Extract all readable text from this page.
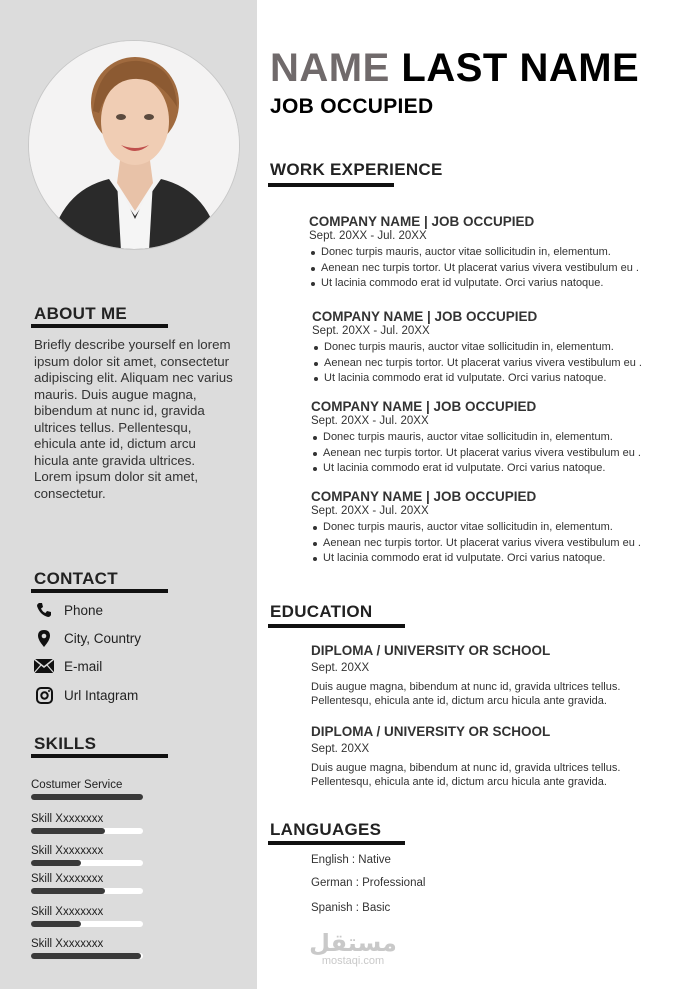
ABOUT ME
Briefly describe yourself en lorem ipsum dolor sit amet, consectetur adipiscing elit. Aliquam nec varius mauris. Duis augue magna, bibendum at nunc id, gravida ultrices tellus. Pellentesqu, ehicula ante id, dictum arcu hicula ante gravida ultrices. Lorem ipsum dolor sit amet, consectetur.
CONTACT
Phone
City, Country
E-mail
Url Intagram
SKILLS
Costumer Service
Skill Xxxxxxxx
Skill Xxxxxxxx
Skill Xxxxxxxx
Skill Xxxxxxxx
Skill Xxxxxxxx
NAME LAST NAME
JOB OCCUPIED
WORK EXPERIENCE
COMPANY NAME | JOB OCCUPIED
Sept. 20XX - Jul. 20XX
Donec turpis mauris, auctor vitae sollicitudin in, elementum.
Aenean nec turpis tortor. Ut placerat varius vivera vestibulum eu .
Ut lacinia commodo erat id vulputate. Orci varius natoque.
COMPANY NAME | JOB OCCUPIED
Sept. 20XX - Jul. 20XX
Donec turpis mauris, auctor vitae sollicitudin in, elementum.
Aenean nec turpis tortor. Ut placerat varius vivera vestibulum eu .
Ut lacinia commodo erat id vulputate. Orci varius natoque.
COMPANY NAME | JOB OCCUPIED
Sept. 20XX - Jul. 20XX
Donec turpis mauris, auctor vitae sollicitudin in, elementum.
Aenean nec turpis tortor. Ut placerat varius vivera vestibulum eu .
Ut lacinia commodo erat id vulputate. Orci varius natoque.
COMPANY NAME | JOB OCCUPIED
Sept. 20XX - Jul. 20XX
Donec turpis mauris, auctor vitae sollicitudin in, elementum.
Aenean nec turpis tortor. Ut placerat varius vivera vestibulum eu .
Ut lacinia commodo erat id vulputate. Orci varius natoque.
EDUCATION
DIPLOMA / UNIVERSITY OR SCHOOL
Sept. 20XX
Duis augue magna, bibendum at nunc id, gravida ultrices tellus. Pellentesqu, ehicula ante id, dictum arcu hicula ante gravida.
DIPLOMA / UNIVERSITY OR SCHOOL
Sept. 20XX
Duis augue magna, bibendum at nunc id, gravida ultrices tellus. Pellentesqu, ehicula ante id, dictum arcu hicula ante gravida.
LANGUAGES
English : Native
German : Professional
Spanish : Basic
مستقل
mostaqi.com
